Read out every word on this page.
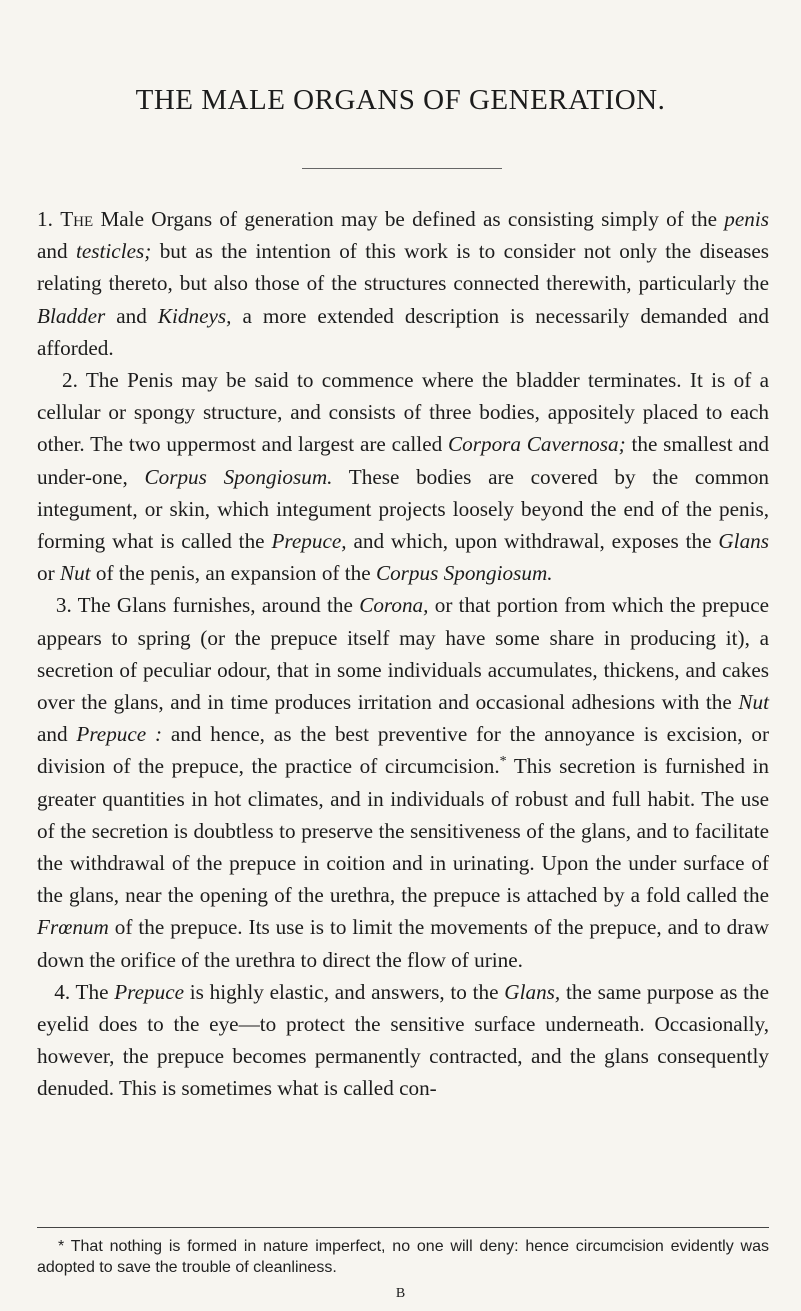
THE MALE ORGANS OF GENERATION.

1. The Male Organs of generation may be defined as consisting simply of the penis and testicles; but as the intention of this work is to consider not only the diseases relating thereto, but also those of the structures connected therewith, particularly the Bladder and Kidneys, a more extended description is necessarily demanded and afforded.

2. The Penis may be said to commence where the bladder terminates. It is of a cellular or spongy structure, and consists of three bodies, appositely placed to each other. The two uppermost and largest are called Corpora Cavernosa; the smallest and under-one, Corpus Spongiosum. These bodies are covered by the common integument, or skin, which integument projects loosely beyond the end of the penis, forming what is called the Prepuce, and which, upon withdrawal, exposes the Glans or Nut of the penis, an expansion of the Corpus Spongiosum.

3. The Glans furnishes, around the Corona, or that portion from which the prepuce appears to spring (or the prepuce itself may have some share in producing it), a secretion of peculiar odour, that in some individuals accumulates, thickens, and cakes over the glans, and in time produces irritation and occasional adhesions with the Nut and Prepuce : and hence, as the best preventive for the annoyance is excision, or division of the prepuce, the practice of circumcision.* This secretion is furnished in greater quantities in hot climates, and in individuals of robust and full habit. The use of the secretion is doubtless to preserve the sensitiveness of the glans, and to facilitate the withdrawal of the prepuce in coition and in urinating. Upon the under surface of the glans, near the opening of the urethra, the prepuce is attached by a fold called the Frœnum of the prepuce. Its use is to limit the movements of the prepuce, and to draw down the orifice of the urethra to direct the flow of urine.

4. The Prepuce is highly elastic, and answers, to the Glans, the same purpose as the eyelid does to the eye—to protect the sensitive surface underneath. Occasionally, however, the prepuce becomes permanently contracted, and the glans consequently denuded. This is sometimes what is called con-

* That nothing is formed in nature imperfect, no one will deny: hence circumcision evidently was adopted to save the trouble of cleanliness.

B
